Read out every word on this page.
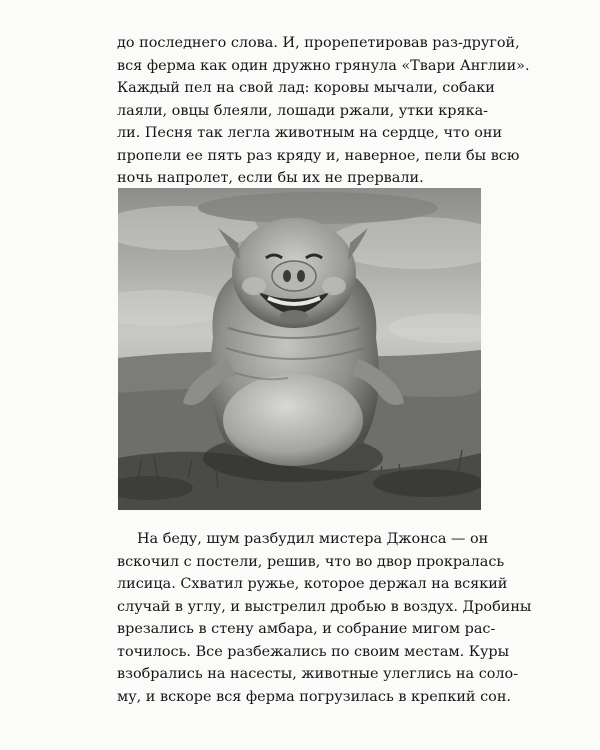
до последнего слова. И, прорепетировав раз-другой,
вся ферма как один дружно грянула «Твари Англии».
Каждый пел на свой лад: коровы мычали, собаки
лаяли, овцы блеяли, лошади ржали, утки крякa-
ли. Песня так легла животным на сердце, что они
пропели ее пять раз кряду и, наверное, пели бы всю
ночь напролет, если бы их не прервали.

На беду, шум разбудил мистера Джонса — он
вскочил с постели, решив, что во двор прокралась
лисица. Схватил ружье, которое держал на всякий
случай в углу, и выстрелил дробью в воздух. Дробины
врезались в стену амбара, и собрание мигом рас-
точилось. Все разбежались по своим местам. Куры
взобрались на насесты, животные улеглись на соло-
му, и вскоре вся ферма погрузилась в крепкий сон.
